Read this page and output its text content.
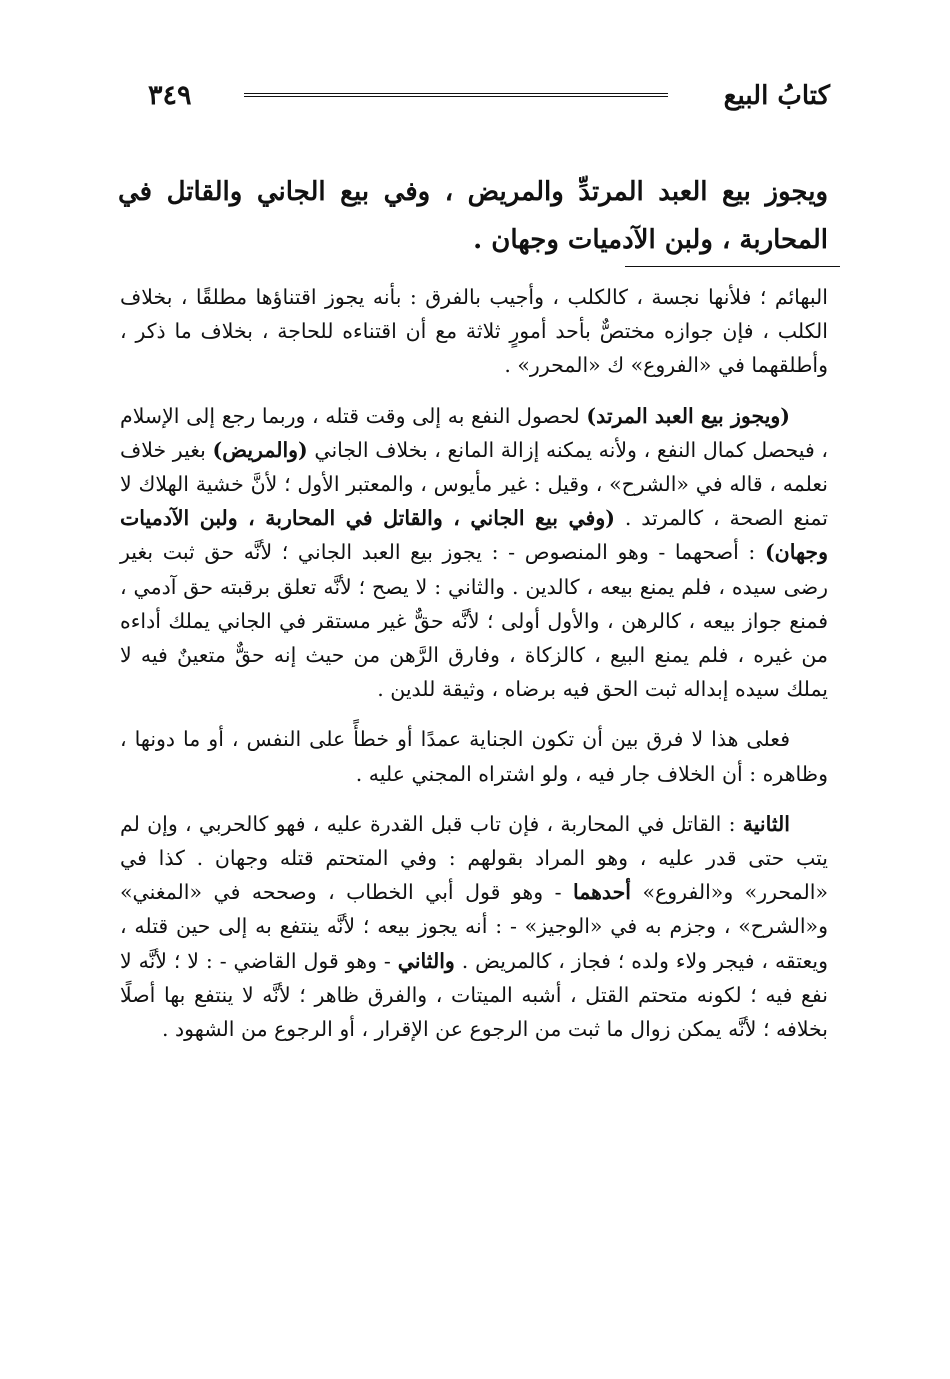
كتابُ البيع
٣٤٩
ويجوز بيع العبد المرتدِّ والمريض ، وفي بيع الجاني والقاتل في المحاربة ، ولبن الآدميات وجهان .

البهائم ؛ فلأنها نجسة ، كالكلب ، وأجيب بالفرق : بأنه يجوز اقتناؤها مطلقًا ، بخلاف الكلب ، فإن جوازه مختصٌّ بأحد أمورٍ ثلاثة مع أن اقتناءه للحاجة ، بخلاف ما ذكر ، وأطلقهما في «الفروع» ك «المحرر» .

(ويجوز بيع العبد المرتد) لحصول النفع به إلى وقت قتله ، وربما رجع إلى الإسلام ، فيحصل كمال النفع ، ولأنه يمكنه إزالة المانع ، بخلاف الجاني (والمريض) بغير خلاف نعلمه ، قاله في «الشرح» ، وقيل : غير مأيوس ، والمعتبر الأول ؛ لأنَّ خشية الهلاك لا تمنع الصحة ، كالمرتد . (وفي بيع الجاني ، والقاتل في المحاربة ، ولبن الآدميات وجهان) : أصحهما - وهو المنصوص - : يجوز بيع العبد الجاني ؛ لأنَّه حق ثبت بغير رضى سيده ، فلم يمنع بيعه ، كالدين . والثاني : لا يصح ؛ لأنَّه تعلق برقبته حق آدمي ، فمنع جواز بيعه ، كالرهن ، والأول أولى ؛ لأنَّه حقٌّ غير مستقر في الجاني يملك أداءه من غيره ، فلم يمنع البيع ، كالزكاة ، وفارق الرَّهن من حيث إنه حقٌّ متعينٌ فيه لا يملك سيده إبداله ثبت الحق فيه برضاه ، وثيقة للدين .

فعلى هذا لا فرق بين أن تكون الجناية عمدًا أو خطأً على النفس ، أو ما دونها ، وظاهره : أن الخلاف جار فيه ، ولو اشتراه المجني عليه .

الثانية : القاتل في المحاربة ، فإن تاب قبل القدرة عليه ، فهو كالحربي ، وإن لم يتب حتى قدر عليه ، وهو المراد بقولهم : وفي المتحتم قتله وجهان . كذا في «المحرر» و«الفروع» أحدهما - وهو قول أبي الخطاب ، وصححه في «المغني» و«الشرح» ، وجزم به في «الوجيز» - : أنه يجوز بيعه ؛ لأنَّه ينتفع به إلى حين قتله ، ويعتقه ، فيجر ولاء ولده ؛ فجاز ، كالمريض . والثاني - وهو قول القاضي - : لا ؛ لأنَّه لا نفع فيه ؛ لكونه متحتم القتل ، أشبه الميتات ، والفرق ظاهر ؛ لأنَّه لا ينتفع بها أصلًا بخلافه ؛ لأنَّه يمكن زوال ما ثبت من الرجوع عن الإقرار ، أو الرجوع من الشهود .
